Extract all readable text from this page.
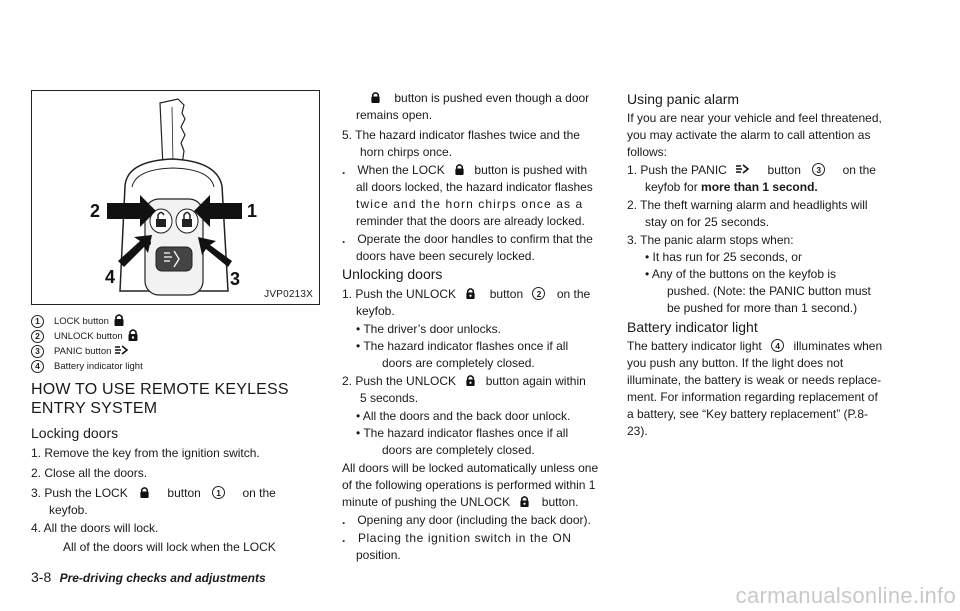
2	1
4	3
JVP0213X
1	LOCK button
2	UNLOCK button
3	PANIC button
4	Battery indicator light
HOW TO USE REMOTE KEYLESS
ENTRY SYSTEM
Locking doors
1. Remove the key from the ignition switch.
2. Close all the doors.
3. Push the LOCK	button 1 on the
keyfob.
4. All the doors will lock.
All of the doors will lock when the LOCK
3-8 Pre-driving checks and adjustments
button is pushed even though a door
remains open.
5. The hazard indicator flashes twice and the
horn chirps once.
. When the LOCK button is pushed with
all doors locked, the hazard indicator flashes
twice and the horn chirps once as a
reminder that the doors are already locked.
. Operate the door handles to confirm that the
doors have been securely locked.
Unlocking doors
1. Push the UNLOCK	button 2 on the
keyfob.
• The driver’s door unlocks.
• The hazard indicator flashes once if all
doors are completely closed.
2. Push the UNLOCK button again within
5 seconds.
• All the doors and the back door unlock.
• The hazard indicator flashes once if all
doors are completely closed.
All doors will be locked automatically unless one
of the following operations is performed within 1
minute of pushing the UNLOCK	button.
. Opening any door (including the back door).
. Placing the ignition switch in the ON
position.
Using panic alarm
If you are near your vehicle and feel threatened,
you may activate the alarm to call attention as
follows:
1. Push the PANIC	button 3 on the
keyfob for more than 1 second.
2. The theft warning alarm and headlights will
stay on for 25 seconds.
3. The panic alarm stops when:
• It has run for 25 seconds, or
• Any of the buttons on the keyfob is
pushed. (Note: the PANIC button must
be pushed for more than 1 second.)
Battery indicator light
The battery indicator light 4 illuminates when
you push any button. If the light does not
illuminate, the battery is weak or needs replace-
ment. For information regarding replacement of
a battery, see “Key battery replacement” (P.8-
23).
carmanualsonline.info
